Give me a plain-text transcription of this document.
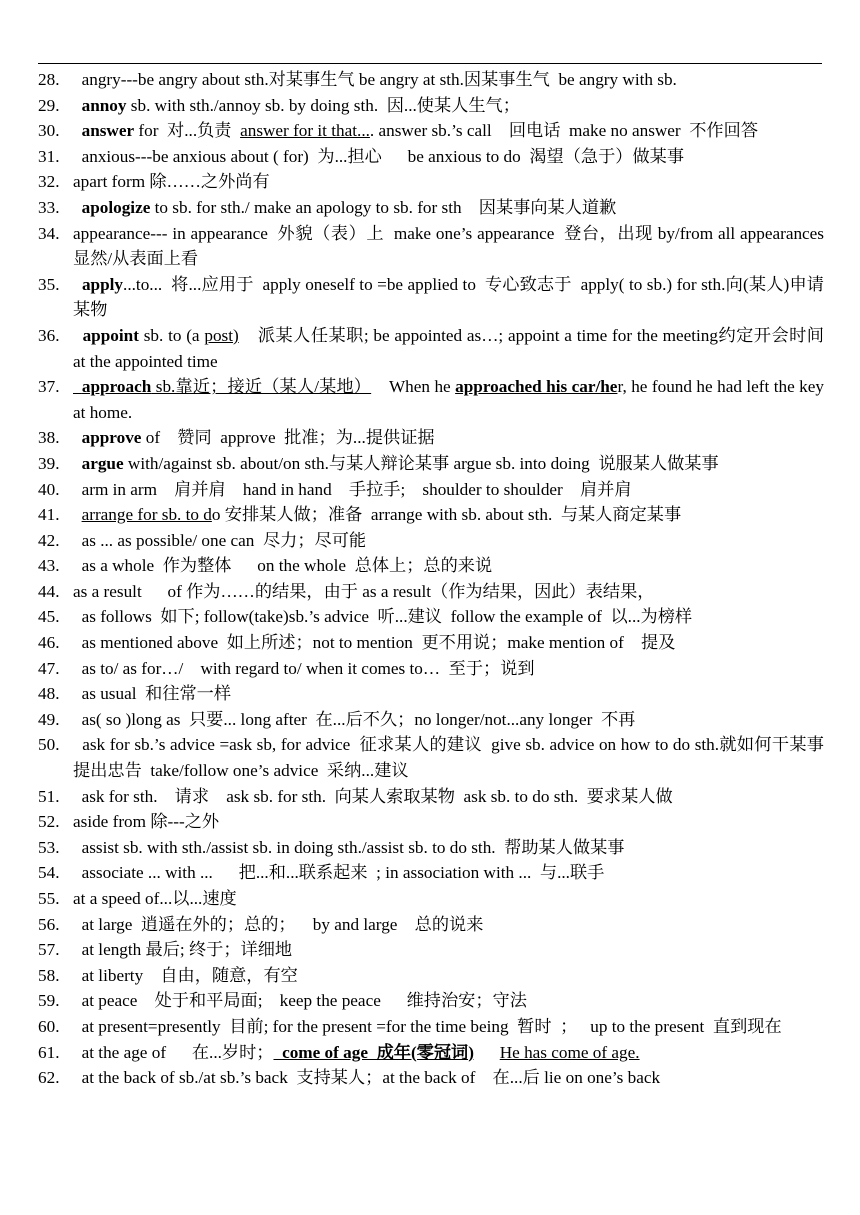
28. angry---be angry about sth.对某事生气 be angry at sth.因某事生气  be angry with sb.
29.	annoy sb. with sth./annoy sb. by doing sth.  因...使某人生气；
30.	answer for  对...负责  answer for it that.... answer sb.’s call    回电话  make no answer  不作回答
31. anxious---be anxious about ( for)  为...担心      be anxious to do  渴望（急于）做某事
32. apart form 除……之外尚有
33.	apologize to sb. for sth./ make an apology to sb. for sth    因某事向某人道歉
34. appearance--- in appearance  外貌（表）上  make one’s appearance  登台，出现 by/from all appearances  显然/从表面上看
35.	apply...to...  将...应用于  apply oneself to =be applied to  专心致志于  apply( to sb.) for sth.向(某人)申请某物
36.	appoint sb. to (a post)    派某人任某职; be appointed as…; appoint a time for the meeting约定开会时间  at the appointed time
37.	approach sb.靠近；接近（某人/某地）    When he approached his car/her, he found he had left the key at home.
38.	approve of    赞同  approve  批准；为...提供证据
39.	argue with/against sb. about/on sth.与某人辩论某事 argue sb. into doing  说服某人做某事
40. arm in arm    肩并肩    hand in hand    手拉手;    shoulder to shoulder    肩并肩
41.	arrange for sb. to do 安排某人做；准备  arrange with sb. about sth.  与某人商定某事
42. as ... as possible/ one can  尽力；尽可能
43. as a whole  作为整体      on the whole  总体上；总的来说
44. as a result      of 作为……的结果，由于 as a result（作为结果，因此）表结果，
45. as follows  如下; follow(take)sb.’s advice  听...建议  follow the example of  以...为榜样
46. as mentioned above  如上所述；not to mention  更不用说；make mention of    提及
47. as to/ as for…/    with regard to/ when it comes to…  至于；说到
48. as usual  和往常一样
49. as( so )long as  只要... long after  在...后不久；no longer/not...any longer  不再
50. ask for sb.’s advice =ask sb, for advice  征求某人的建议  give sb. advice on how to do sth.就如何干某事提出忠告  take/follow one’s advice  采纳...建议
51. ask for sth.    请求    ask sb. for sth.  向某人索取某物  ask sb. to do sth.  要求某人做
52. aside from 除---之外
53. assist sb. with sth./assist sb. in doing sth./assist sb. to do sth.  帮助某人做某事
54. associate ... with ...      把...和...联系起来  ; in association with ...  与...联手
55. at a speed of...以...速度
56. at large  逍遥在外的；总的；    by and large    总的说来
57. at length 最后; 终于；详细地
58. at liberty    自由，随意，有空
59. at peace    处于和平局面;    keep the peace      维持治安；守法
60. at present=presently  目前; for the present =for the time being  暂时  ；   up to the present  直到现在
61. at the age of      在...岁时；  come of age  成年(零冠词) He has come of age.
62. at the back of sb./at sb.’s back  支持某人；at the back of    在...后 lie on one’s back
